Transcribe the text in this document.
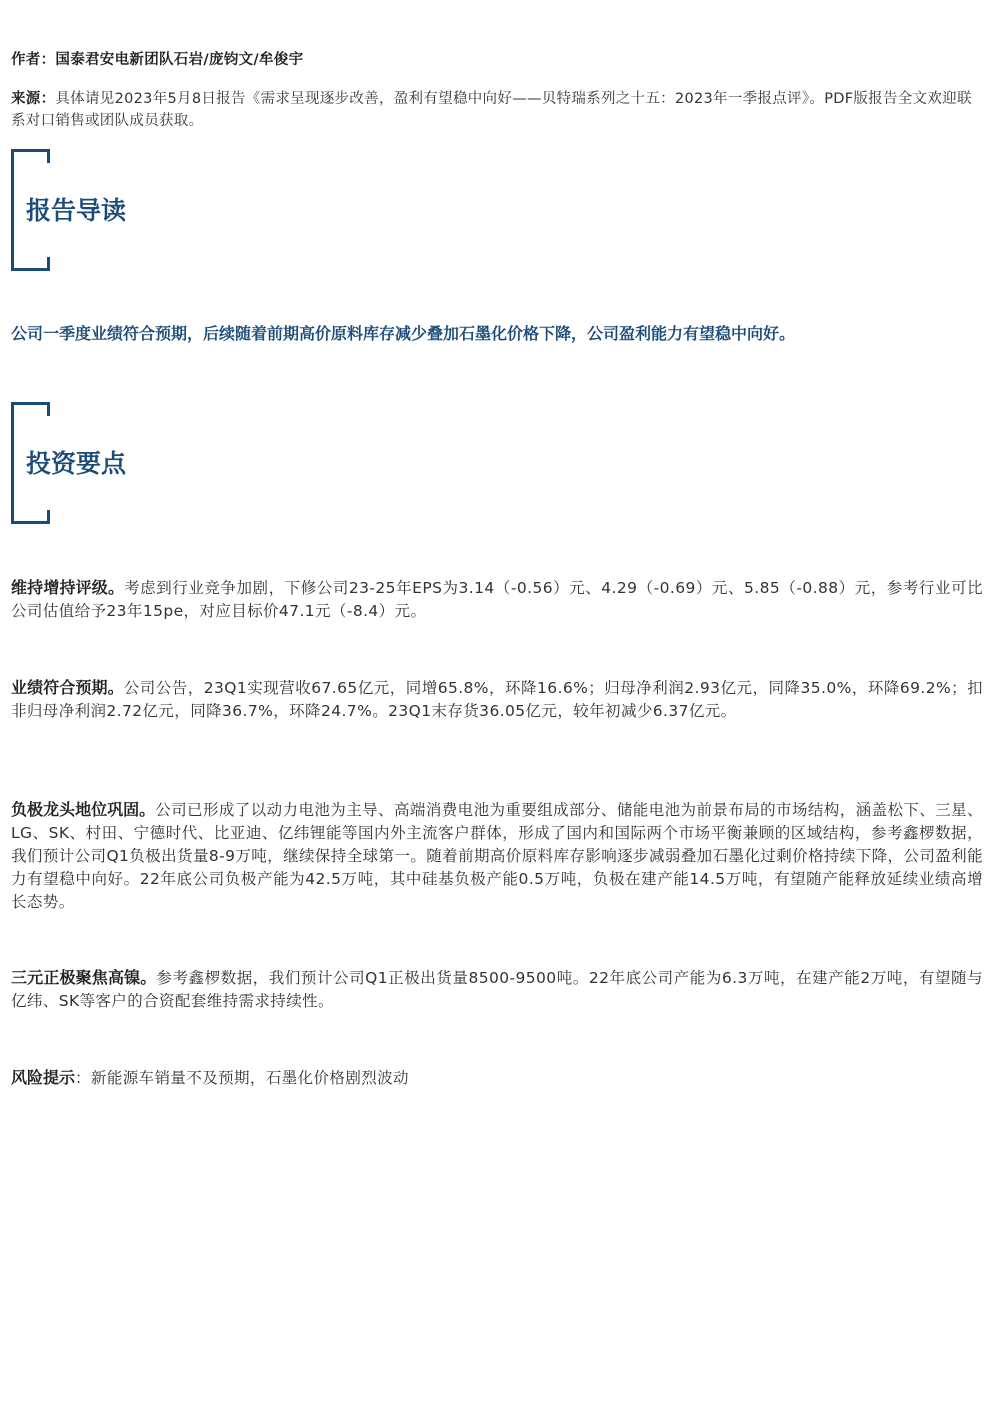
作者：国泰君安电新团队石岩/庞钧文/牟俊宇
来源：具体请见2023年5月8日报告《需求呈现逐步改善，盈利有望稳中向好——贝特瑞系列之十五：2023年一季报点评》。PDF版报告全文欢迎联系对口销售或团队成员获取。
报告导读
公司一季度业绩符合预期，后续随着前期高价原料库存减少叠加石墨化价格下降，公司盈利能力有望稳中向好。
投资要点
维持增持评级。考虑到行业竞争加剧，下修公司23-25年EPS为3.14（-0.56）元、4.29（-0.69）元、5.85（-0.88）元，参考行业可比公司估值给予23年15pe，对应目标价47.1元（-8.4）元。
业绩符合预期。公司公告，23Q1实现营收67.65亿元，同增65.8%，环降16.6%；归母净利润2.93亿元，同降35.0%，环降69.2%；扣非归母净利润2.72亿元，同降36.7%，环降24.7%。23Q1末存货36.05亿元，较年初减少6.37亿元。
负极龙头地位巩固。公司已形成了以动力电池为主导、高端消费电池为重要组成部分、储能电池为前景布局的市场结构，涵盖松下、三星、LG、SK、村田、宁德时代、比亚迪、亿纬锂能等国内外主流客户群体，形成了国内和国际两个市场平衡兼顾的区域结构，参考鑫椤数据，我们预计公司Q1负极出货量8-9万吨，继续保持全球第一。随着前期高价原料库存影响逐步减弱叠加石墨化过剩价格持续下降，公司盈利能力有望稳中向好。22年底公司负极产能为42.5万吨，其中硅基负极产能0.5万吨，负极在建产能14.5万吨，有望随产能释放延续业绩高增长态势。
三元正极聚焦高镍。参考鑫椤数据，我们预计公司Q1正极出货量8500-9500吨。22年底公司产能为6.3万吨，在建产能2万吨，有望随与亿纬、SK等客户的合资配套维持需求持续性。
风险提示：新能源车销量不及预期，石墨化价格剧烈波动
